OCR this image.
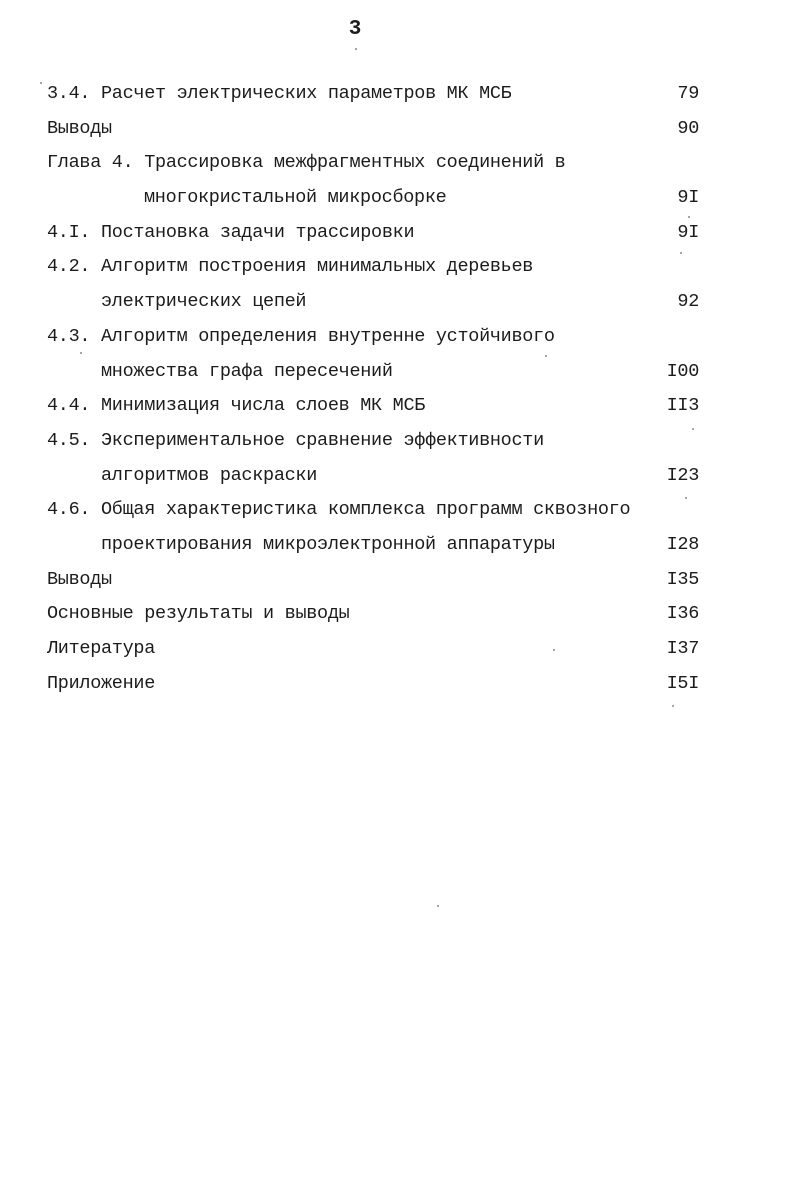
3
3.4. Расчет электрических параметров МК МСБ	79
Выводы	90
Глава 4. Трассировка межфрагментных соединений в
многокристальной микросборке	9I
4.I. Постановка задачи трассировки	9I
4.2. Алгоритм построения минимальных деревьев
электрических цепей	92
4.3. Алгоритм определения внутренне устойчивого
множества графа пересечений	I00
4.4. Минимизация числа слоев МК МСБ	II3
4.5. Экспериментальное сравнение эффективности
алгоритмов раскраски	I23
4.6. Общая характеристика комплекса программ сквозного
проектирования микроэлектронной аппаратуры	I28
Выводы	I35
Основные результаты и выводы	I36
Литература	I37
Приложение	I5I
